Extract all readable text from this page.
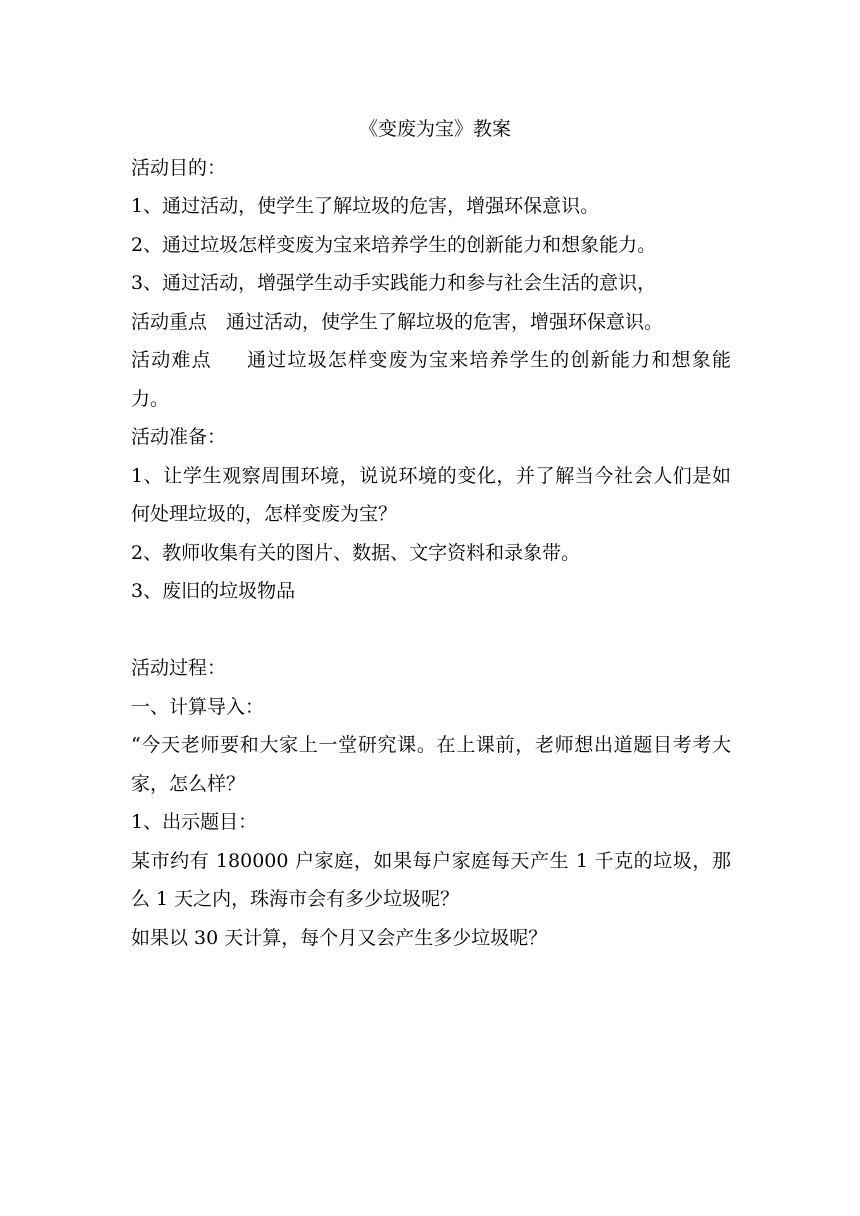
《变废为宝》教案
活动目的：
1、通过活动，使学生了解垃圾的危害，增强环保意识。
2、通过垃圾怎样变废为宝来培养学生的创新能力和想象能力。
3、通过活动，增强学生动手实践能力和参与社会生活的意识，
活动重点 通过活动，使学生了解垃圾的危害，增强环保意识。
活动难点 通过垃圾怎样变废为宝来培养学生的创新能力和想象能力。
活动准备：
1、让学生观察周围环境，说说环境的变化，并了解当今社会人们是如何处理垃圾的，怎样变废为宝？
2、教师收集有关的图片、数据、文字资料和录象带。
3、废旧的垃圾物品
活动过程：
一、计算导入：
“今天老师要和大家上一堂研究课。在上课前，老师想出道题目考考大家，怎么样？
1、出示题目：
某市约有 180000 户家庭，如果每户家庭每天产生 1 千克的垃圾，那么 1 天之内，珠海市会有多少垃圾呢？
如果以 30 天计算，每个月又会产生多少垃圾呢？
